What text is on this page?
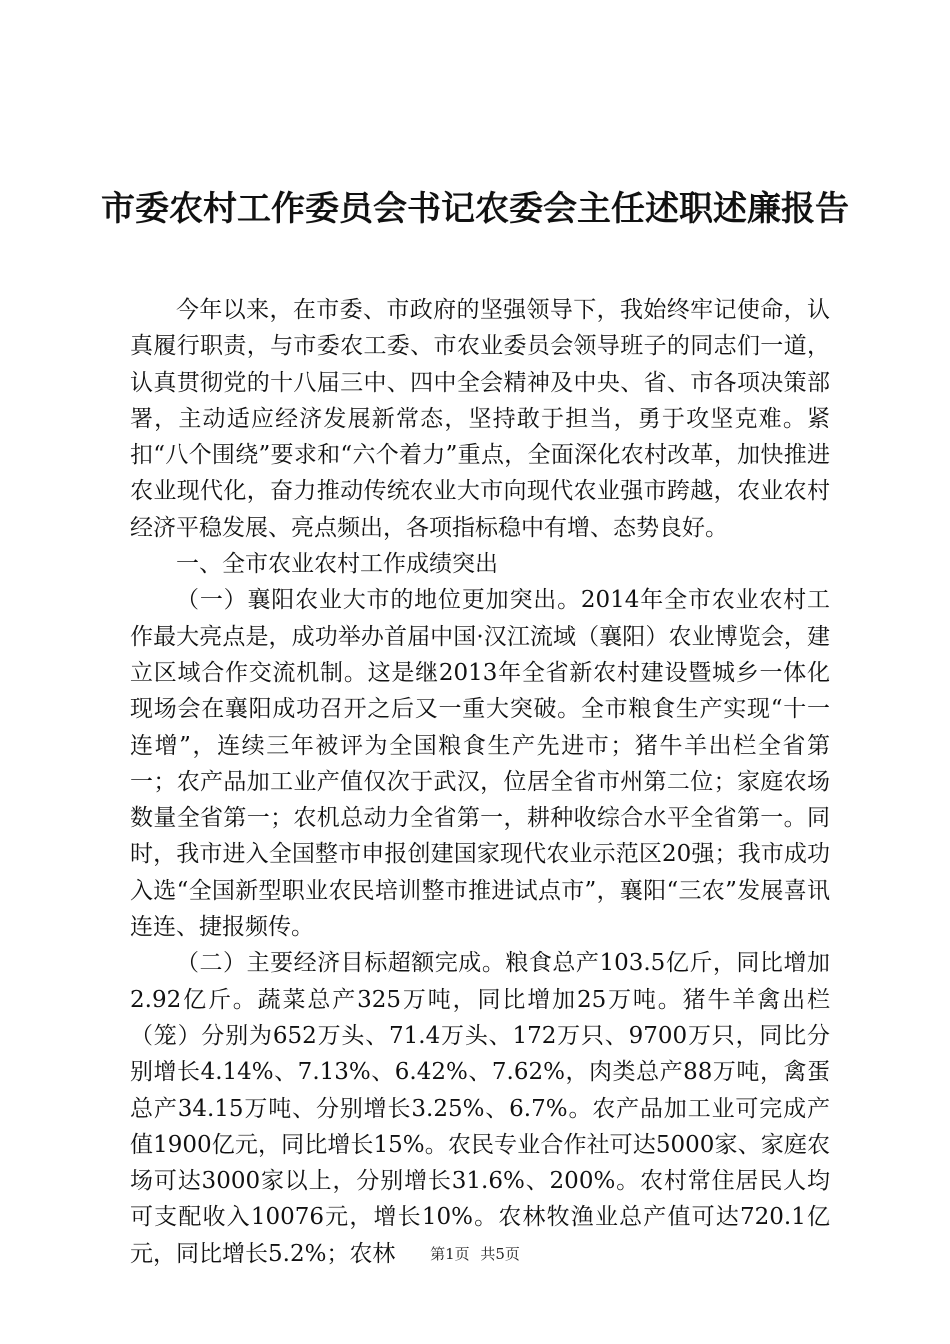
市委农村工作委员会书记农委会主任述职述廉报告

今年以来，在市委、市政府的坚强领导下，我始终牢记使命，认真履行职责，与市委农工委、市农业委员会领导班子的同志们一道，认真贯彻党的十八届三中、四中全会精神及中央、省、市各项决策部署，主动适应经济发展新常态，坚持敢于担当，勇于攻坚克难。紧扣“八个围绕”要求和“六个着力”重点，全面深化农村改革，加快推进农业现代化，奋力推动传统农业大市向现代农业强市跨越，农业农村经济平稳发展、亮点频出，各项指标稳中有增、态势良好。

一、全市农业农村工作成绩突出

（一）襄阳农业大市的地位更加突出。2014年全市农业农村工作最大亮点是，成功举办首届中国·汉江流域（襄阳）农业博览会，建立区域合作交流机制。这是继2013年全省新农村建设暨城乡一体化现场会在襄阳成功召开之后又一重大突破。全市粮食生产实现“十一连增”，连续三年被评为全国粮食生产先进市；猪牛羊出栏全省第一；农产品加工业产值仅次于武汉，位居全省市州第二位；家庭农场数量全省第一；农机总动力全省第一，耕种收综合水平全省第一。同时，我市进入全国整市申报创建国家现代农业示范区20强；我市成功入选“全国新型职业农民培训整市推进试点市”，襄阳“三农”发展喜讯连连、捷报频传。

（二）主要经济目标超额完成。粮食总产103.5亿斤，同比增加2.92亿斤。蔬菜总产325万吨，同比增加25万吨。猪牛羊禽出栏（笼）分别为652万头、71.4万头、172万只、9700万只，同比分别增长4.14%、7.13%、6.42%、7.62%，肉类总产88万吨，禽蛋总产34.15万吨、分别增长3.25%、6.7%。农产品加工业可完成产值1900亿元，同比增长15%。农民专业合作社可达5000家、家庭农场可达3000家以上，分别增长31.6%、200%。农村常住居民人均可支配收入10076元，增长10%。农林牧渔业总产值可达720.1亿元，同比增长5.2%；农林	第1页 共5页
